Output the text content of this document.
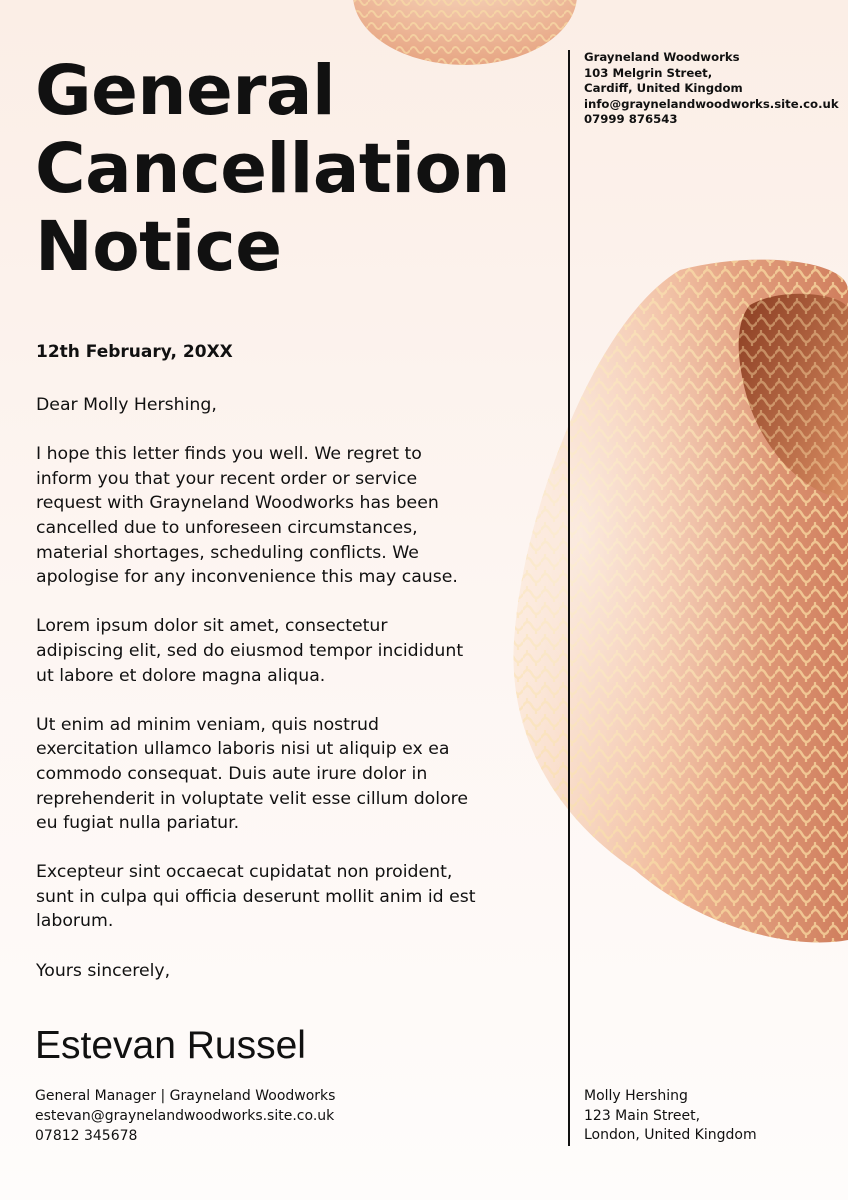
General
Cancellation
Notice
12th February, 20XX

Dear Molly Hershing,

I hope this letter finds you well. We regret to inform you that your recent order or service request with Grayneland Woodworks has been cancelled due to unforeseen circumstances, material shortages, scheduling conflicts. We apologise for any inconvenience this may cause.

Lorem ipsum dolor sit amet, consectetur adipiscing elit, sed do eiusmod tempor incididunt ut labore et dolore magna aliqua.

Ut enim ad minim veniam, quis nostrud exercitation ullamco laboris nisi ut aliquip ex ea commodo consequat. Duis aute irure dolor in reprehenderit in voluptate velit esse cillum dolore eu fugiat nulla pariatur.

Excepteur sint occaecat cupidatat non proident, sunt in culpa qui officia deserunt mollit anim id est laborum.

Yours sincerely,

Estevan Russel
General Manager | Grayneland Woodworks
estevan@graynelandwoodworks.site.co.uk
07812 345678
Grayneland Woodworks
103 Melgrin Street,
Cardiff, United Kingdom
info@graynelandwoodworks.site.co.uk
07999 876543
Molly Hershing
123 Main Street,
London, United Kingdom
